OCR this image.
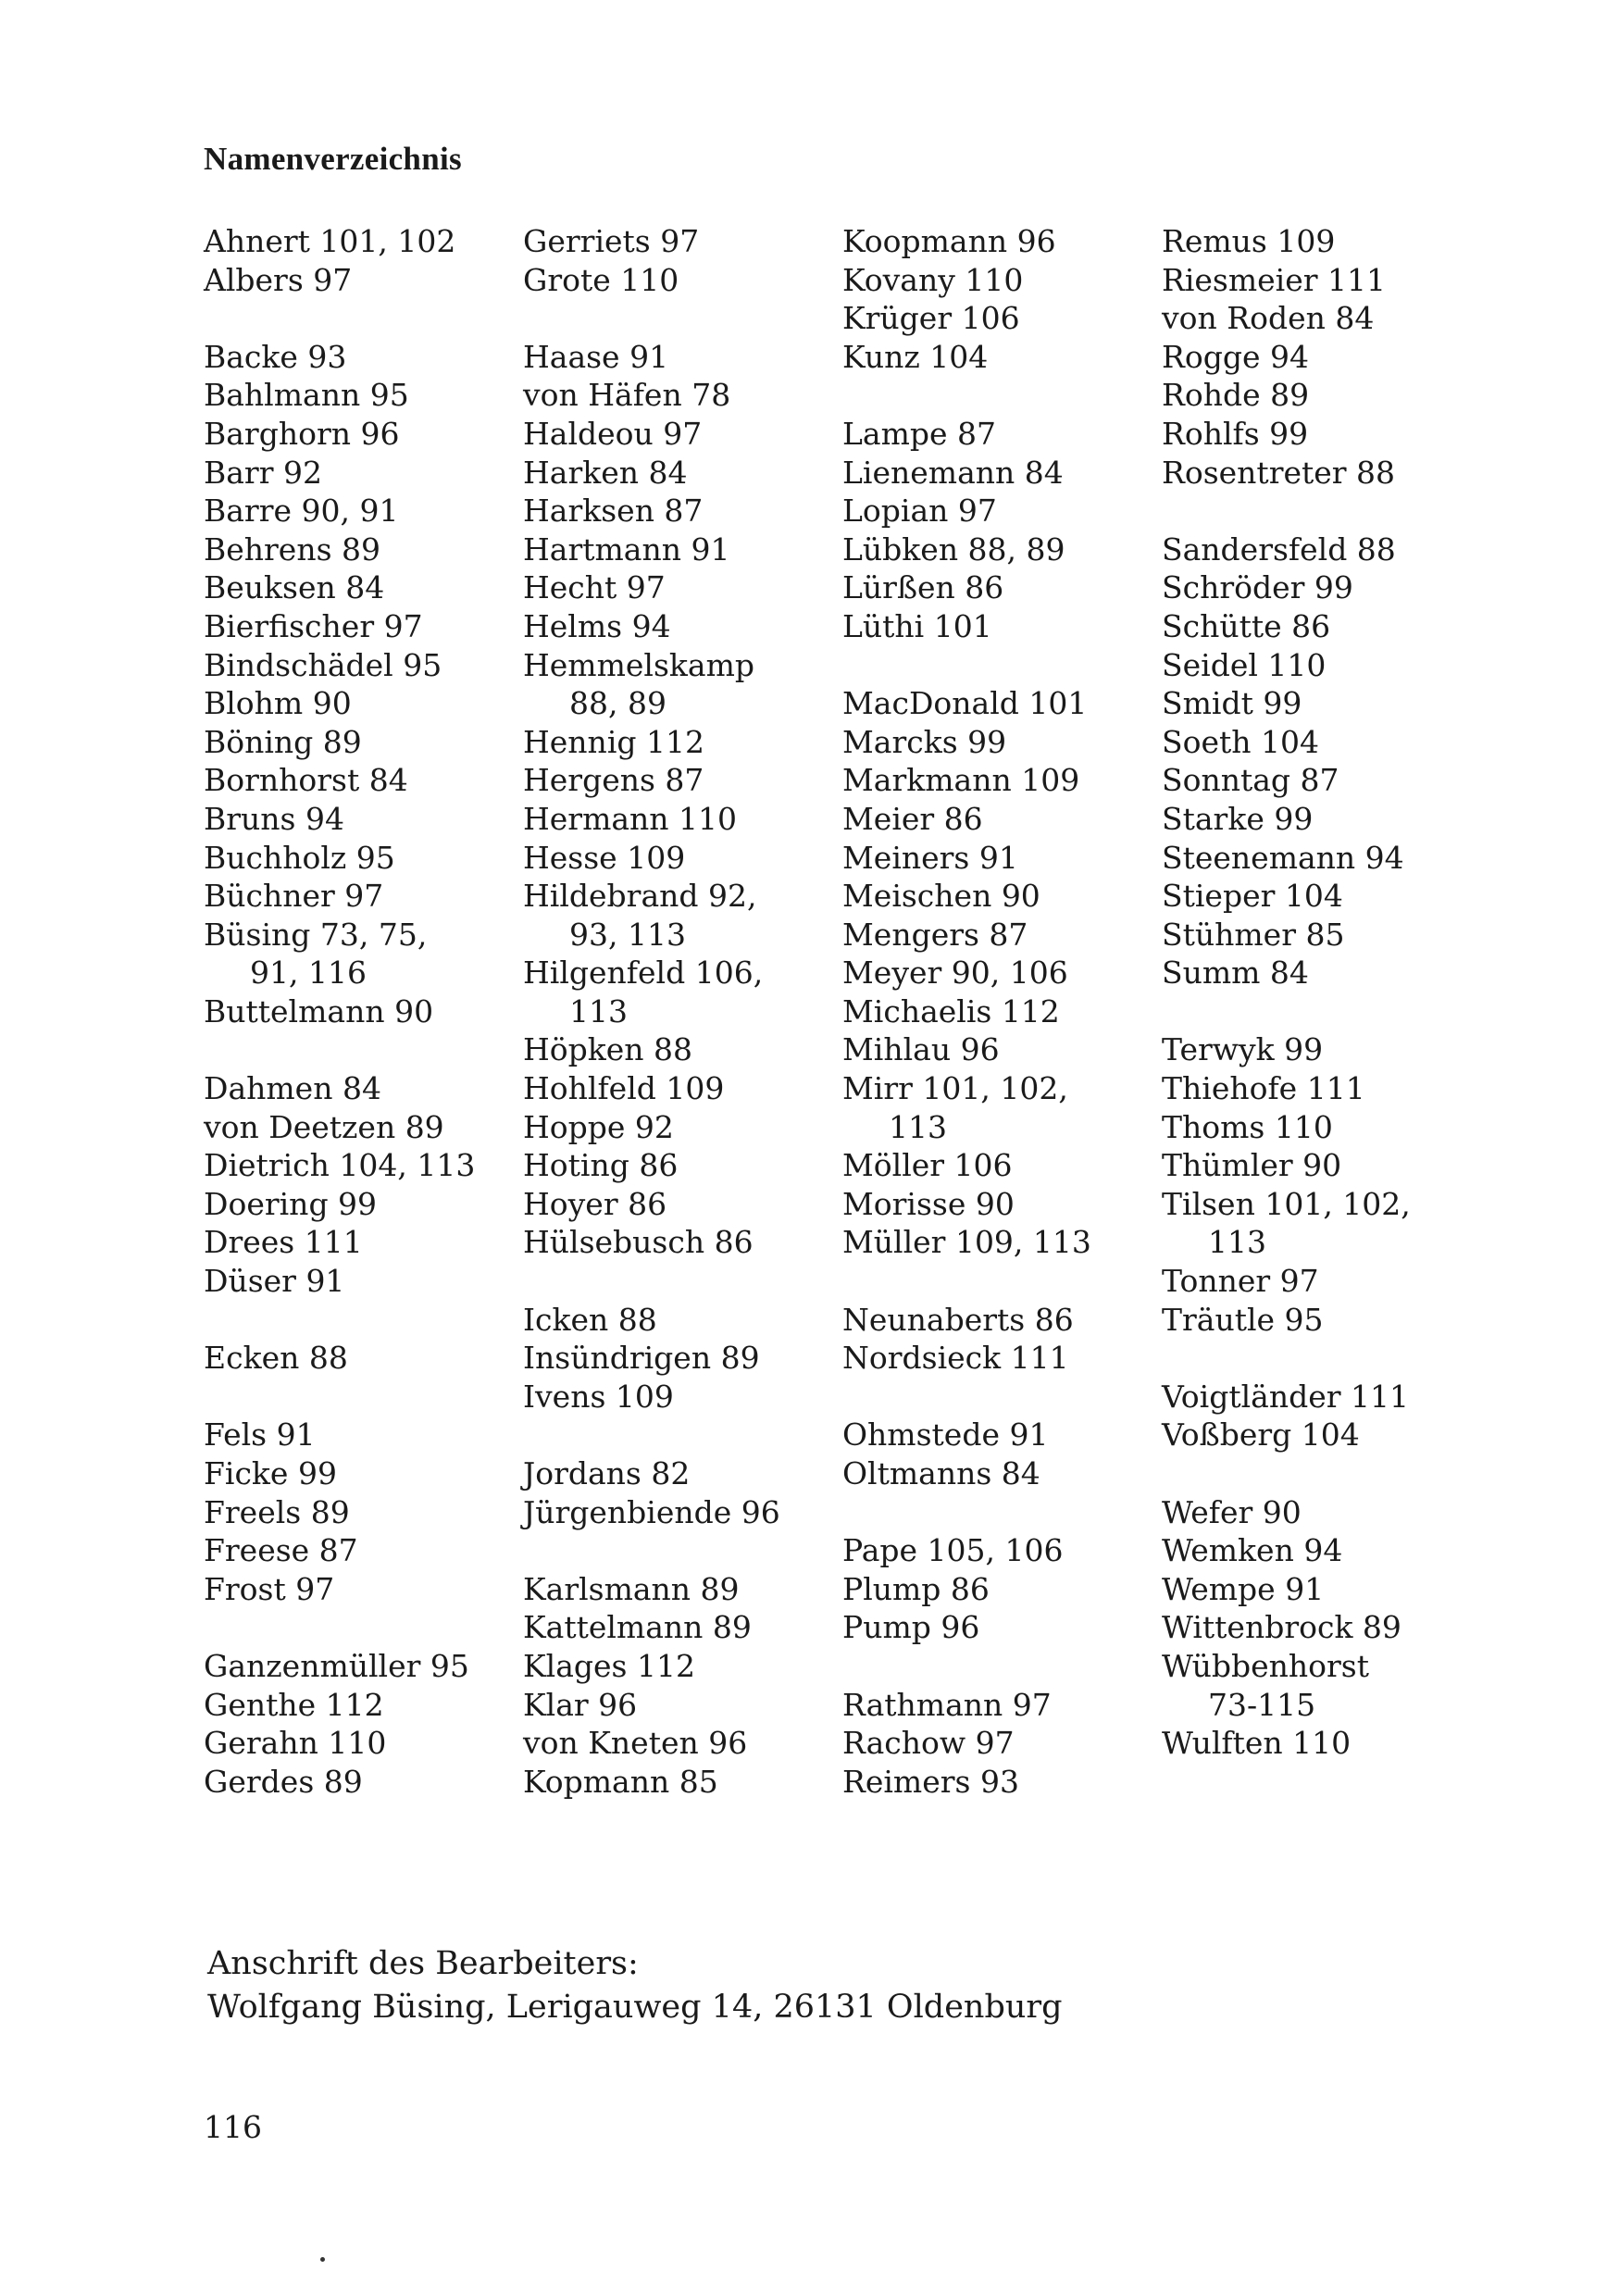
Namenverzeichnis
Ahnert 101, 102
Albers 97
Backe 93
Bahlmann 95
Barghorn 96
Barr 92
Barre 90, 91
Behrens 89
Beuksen 84
Bierfischer 97
Bindschädel 95
Blohm 90
Böning 89
Bornhorst 84
Bruns 94
Buchholz 95
Büchner 97
Büsing 73, 75,
91, 116
Buttelmann 90
Dahmen 84
von Deetzen 89
Dietrich 104, 113
Doering 99
Drees 111
Düser 91
Ecken 88
Fels 91
Ficke 99
Freels 89
Freese 87
Frost 97
Ganzenmüller 95
Genthe 112
Gerahn 110
Gerdes 89
Gerriets 97
Grote 110
Haase 91
von Häfen 78
Haldeou 97
Harken 84
Harksen 87
Hartmann 91
Hecht 97
Helms 94
Hemmelskamp
88, 89
Hennig 112
Hergens 87
Hermann 110
Hesse 109
Hildebrand 92,
93, 113
Hilgenfeld 106,
113
Höpken 88
Hohlfeld 109
Hoppe 92
Hoting 86
Hoyer 86
Hülsebusch 86
Icken 88
Insündrigen 89
Ivens 109
Jordans 82
Jürgenbiende 96
Karlsmann 89
Kattelmann 89
Klages 112
Klar 96
von Kneten 96
Kopmann 85
Koopmann 96
Kovany 110
Krüger 106
Kunz 104
Lampe 87
Lienemann 84
Lopian 97
Lübken 88, 89
Lürßen 86
Lüthi 101
MacDonald 101
Marcks 99
Markmann 109
Meier 86
Meiners 91
Meischen 90
Mengers 87
Meyer 90, 106
Michaelis 112
Mihlau 96
Mirr 101, 102,
113
Möller 106
Morisse 90
Müller 109, 113
Neunaberts 86
Nordsieck 111
Ohmstede 91
Oltmanns 84
Pape 105, 106
Plump 86
Pump 96
Rathmann 97
Rachow 97
Reimers 93
Remus 109
Riesmeier 111
von Roden 84
Rogge 94
Rohde 89
Rohlfs 99
Rosentreter 88
Sandersfeld 88
Schröder 99
Schütte 86
Seidel 110
Smidt 99
Soeth 104
Sonntag 87
Starke 99
Steenemann 94
Stieper 104
Stühmer 85
Summ 84
Terwyk 99
Thiehofe 111
Thoms 110
Thümler 90
Tilsen 101, 102,
113
Tonner 97
Träutle 95
Voigtländer 111
Voßberg 104
Wefer 90
Wemken 94
Wempe 91
Wittenbrock 89
Wübbenhorst
73-115
Wulften 110
Anschrift des Bearbeiters:
Wolfgang Büsing, Lerigauweg 14, 26131 Oldenburg
116
